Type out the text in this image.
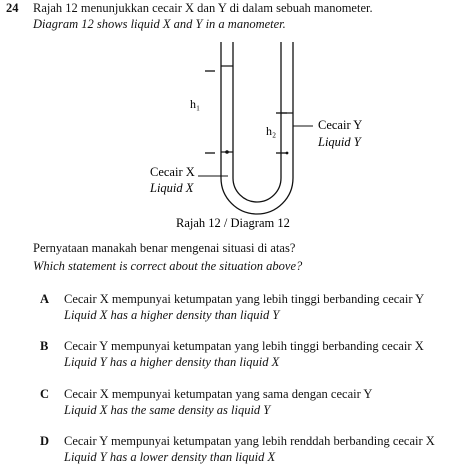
24 Rajah 12 menunjukkan cecair X dan Y di dalam sebuah manometer.
Diagram 12 shows liquid X and Y in a manometer.
h₁
h₂	Cecair Y
Liquid Y
Cecair X
Liquid X
Rajah 12 / Diagram 12
Pernyataan manakah benar mengenai situasi di atas?
Which statement is correct about the situation above?
A Cecair X mempunyai ketumpatan yang lebih tinggi berbanding cecair Y
Liquid X has a higher density than liquid Y
B Cecair Y mempunyai ketumpatan yang lebih tinggi berbanding cecair X
Liquid Y has a higher density than liquid X
C Cecair X mempunyai ketumpatan yang sama dengan cecair Y
Liquid X has the same density as liquid Y
D Cecair Y mempunyai ketumpatan yang lebih renddah berbanding cecair X
Liquid Y has a lower density than liquid X
